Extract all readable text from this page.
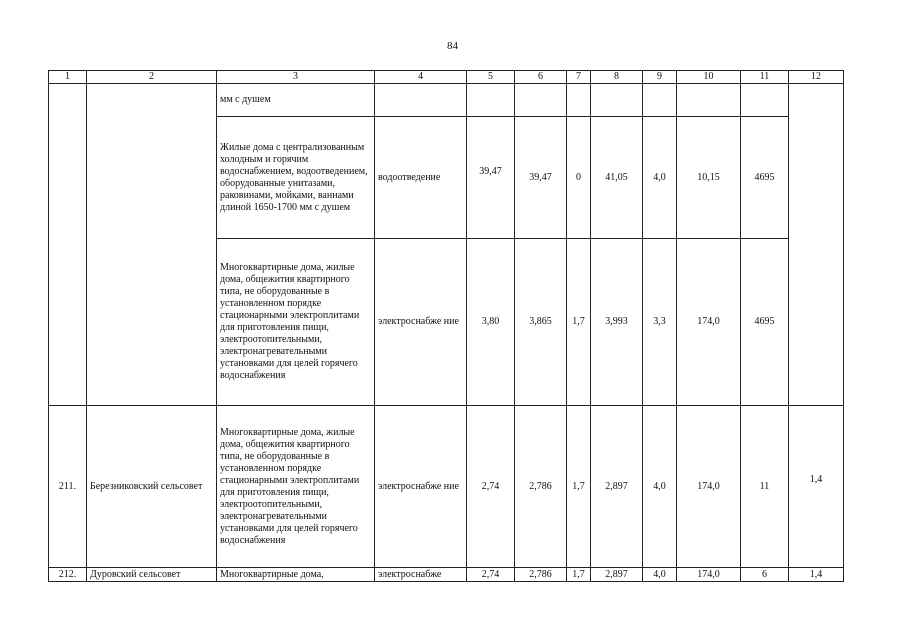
84
1	2	3	4	5	6	7	8	9	10	11	12
		мм с душем									
		Жилые дома с централизованным холодным и горячим водоснабжением, водоотведением, оборудованные унитазами, раковинами, мойками, ваннами длиной 1650-1700 мм с душем	водоотведение	39,47	39,47	0	41,05	4,0	10,15	4695	
		Многоквартирные дома, жилые дома, общежития квартирного типа, не оборудованные в установленном порядке стационарными электроплитами для приготовления пищи, электроотопительными, электронагревательными установками для целей горячего водоснабжения	электроснабже ние	3,80	3,865	1,7	3,993	3,3	174,0	4695	
211.	Березниковский сельсовет	Многоквартирные дома, жилые дома, общежития квартирного типа, не оборудованные в установленном порядке стационарными электроплитами для приготовления пищи, электроотопительными, электронагревательными установками для целей горячего водоснабжения	электроснабже ние	2,74	2,786	1,7	2,897	4,0	174,0	11	1,4
212.	Дуровский сельсовет	Многоквартирные дома,	электроснабже	2,74	2,786	1,7	2,897	4,0	174,0	6	1,4
